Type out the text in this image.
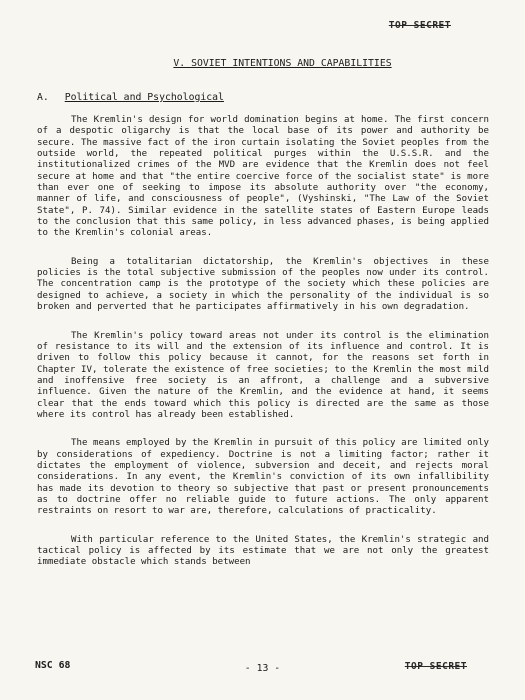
TOP SECRET
V. SOVIET INTENTIONS AND CAPABILITIES
A. Political and Psychological

The Kremlin's design for world domination begins at home. The first concern of a despotic oligarchy is that the local base of its power and authority be secure. The massive fact of the iron curtain isolating the Soviet peoples from the outside world, the repeated political purges within the U.S.S.R. and the institutionalized crimes of the MVD are evidence that the Kremlin does not feel secure at home and that "the entire coercive force of the socialist state" is more than ever one of seeking to impose its absolute authority over "the economy, manner of life, and consciousness of people", (Vyshinski, "The Law of the Soviet State", P. 74). Similar evidence in the satellite states of Eastern Europe leads to the conclusion that this same policy, in less advanced phases, is being applied to the Kremlin's colonial areas.

Being a totalitarian dictatorship, the Kremlin's objectives in these policies is the total subjective submission of the peoples now under its control. The concentration camp is the prototype of the society which these policies are designed to achieve, a society in which the personality of the individual is so broken and perverted that he participates affirmatively in his own degradation.

The Kremlin's policy toward areas not under its control is the elimination of resistance to its will and the extension of its influence and control. It is driven to follow this policy because it cannot, for the reasons set forth in Chapter IV, tolerate the existence of free societies; to the Kremlin the most mild and inoffensive free society is an affront, a challenge and a subversive influence. Given the nature of the Kremlin, and the evidence at hand, it seems clear that the ends toward which this policy is directed are the same as those where its control has already been established.

The means employed by the Kremlin in pursuit of this policy are limited only by considerations of expediency. Doctrine is not a limiting factor; rather it dictates the employment of violence, subversion and deceit, and rejects moral considerations. In any event, the Kremlin's conviction of its own infallibility has made its devotion to theory so subjective that past or present pronouncements as to doctrine offer no reliable guide to future actions. The only apparent restraints on resort to war are, therefore, calculations of practicality.

With particular reference to the United States, the Kremlin's strategic and tactical policy is affected by its estimate that we are not only the greatest immediate obstacle which stands between

NSC 68	- 13 -	TOP SECRET
